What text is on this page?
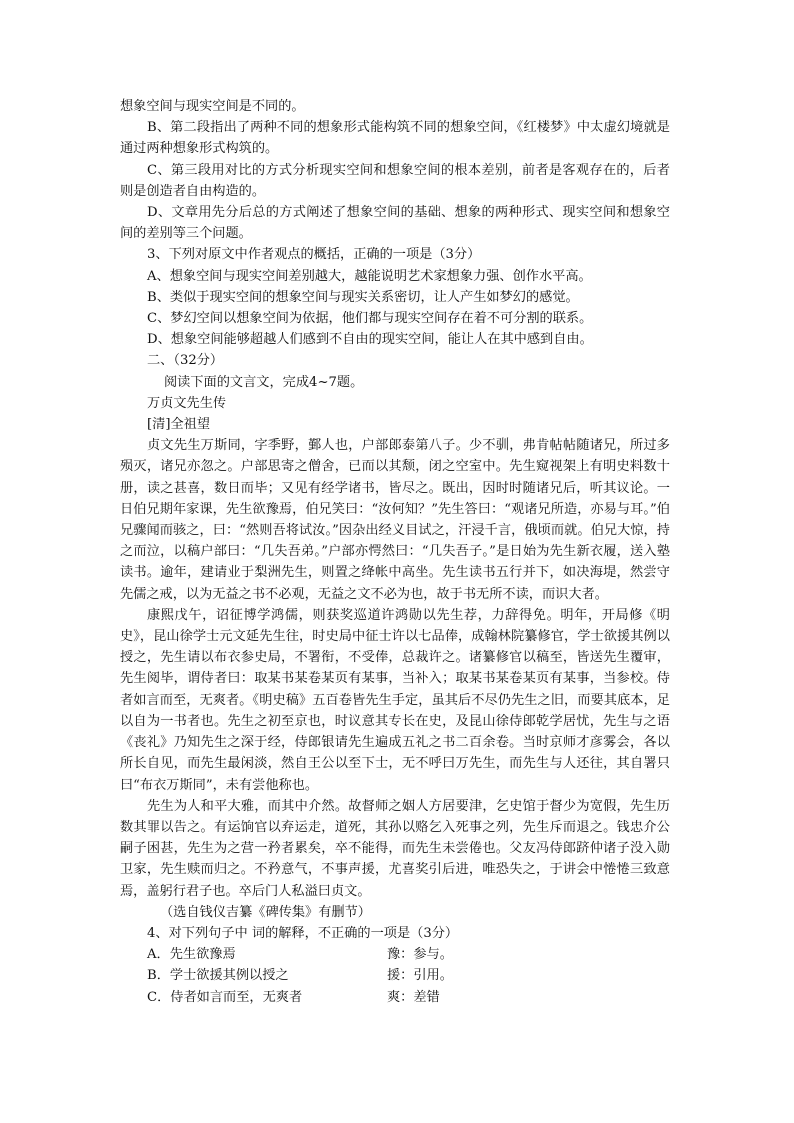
想象空间与现实空间是不同的。

B、第二段指出了两种不同的想象形式能构筑不同的想象空间，《红楼梦》中太虚幻境就是通过两种想象形式构筑的。

C、第三段用对比的方式分析现实空间和想象空间的根本差别，前者是客观存在的，后者则是创造者自由构造的。

D、文章用先分后总的方式阐述了想象空间的基础、想象的两种形式、现实空间和想象空间的差别等三个问题。

3、下列对原文中作者观点的概括，正确的一项是（3分）

A、想象空间与现实空间差别越大，越能说明艺术家想象力强、创作水平高。

B、类似于现实空间的想象空间与现实关系密切，让人产生如梦幻的感觉。

C、梦幻空间以想象空间为依据，他们都与现实空间存在着不可分割的联系。

D、想象空间能够超越人们感到不自由的现实空间，能让人在其中感到自由。

二、（32分）

阅读下面的文言文，完成4~7题。

万贞文先生传

[清]全祖望

贞文先生万斯同，字季野，鄞人也，户部郎泰第八子。少不驯，弗肯帖帖随诸兄，所过多殒灭，诸兄亦忽之。户部思寄之僧舍，已而以其颓，闭之空室中。先生窥视架上有明史料数十册，读之甚喜，数日而毕；又见有经学诸书，皆尽之。既出，因时时随诸兄后，听其议论。一日伯兄期年家课，先生欲豫焉，伯兄笑曰：“汝何知？”先生答曰：“观诸兄所造，亦易与耳。”伯兄骤闻而骇之，曰：“然则吾将试汝。”因杂出经义目试之，汗浸千言，俄顷而就。伯兄大惊，持之而泣，以稿户部曰：“几失吾弟。”户部亦愕然曰：“几失吾子。”是日始为先生新衣履，送入塾读书。逾年，建请业于梨洲先生，则置之绛帐中高坐。先生读书五行并下，如决海堤，然尝守先儒之戒，以为无益之书不必观，无益之文不必为也，故于书无所不读，而识大者。

康熙戊午，诏征博学鸿儒，则获奖巡道许鸿勋以先生荐，力辞得免。明年，开局修《明史》，昆山徐学士元文延先生往，时史局中征士许以七品俸，成翰林院纂修官，学士欲援其例以授之，先生请以布衣参史局，不署衔，不受俸，总裁许之。诸纂修官以稿至，皆送先生覆审，先生阅毕，谓侍者曰：取某书某卷某页有某事，当补入；取某书某卷某页有某事，当参校。侍者如言而至，无爽者。《明史稿》五百卷皆先生手定，虽其后不尽仍先生之旧，而要其底本，足以自为一书者也。先生之初至京也，时议意其专长在史，及昆山徐侍郎乾学居忧，先生与之语《丧礼》乃知先生之深于经，侍郎银请先生遍成五礼之书二百余卷。当时京师才彦雾会，各以所长自见，而先生最闲淡，然自王公以至下士，无不呼曰万先生，而先生与人还往，其自署只曰“布衣万斯同”，未有尝他称也。

先生为人和平大雅，而其中介然。故督师之姻人方居要津，乞史馆于督少为宽假，先生历数其罪以告之。有运饷官以弃运走，道死，其孙以赂乞入死事之列，先生斥而退之。钱忠介公嗣子困甚，先生为之营一矜者累矣，卒不能得，而先生未尝倦也。父友冯侍郎跻仲诸子没入勋卫家，先生赎而归之。不矜意气，不事声援，尤喜奖引后进，唯恐失之，于讲会中惓惓三致意焉，盖躬行君子也。卒后门人私溢曰贞文。

（选自钱仪吉纂《碑传集》有删节）

4、对下列句子中 词的解释，不正确的一项是（3分）

A．先生欲豫焉	豫：参与。
B．学士欲援其例以授之	援：引用。
C．侍者如言而至，无爽者	爽：差错
